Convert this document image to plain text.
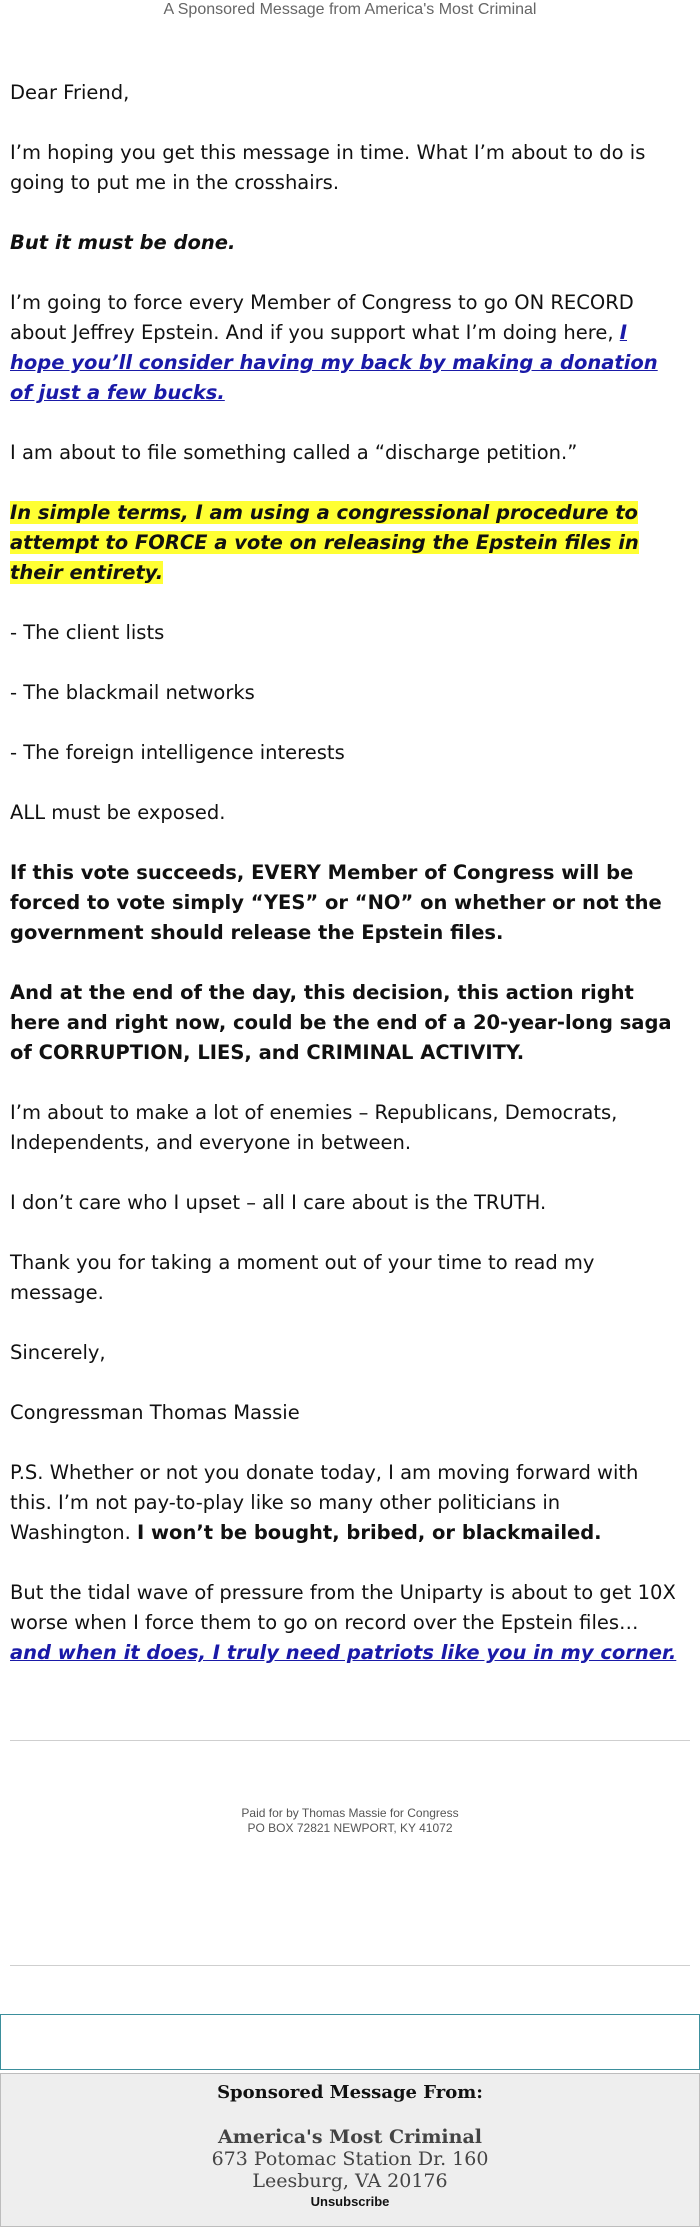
A Sponsored Message from America's Most Criminal

Dear Friend,

I’m hoping you get this message in time. What I’m about to do is going to put me in the crosshairs.

But it must be done.

I’m going to force every Member of Congress to go ON RECORD about Jeffrey Epstein. And if you support what I’m doing here, I hope you’ll consider having my back by making a donation of just a few bucks.

I am about to file something called a “discharge petition.”

In simple terms, I am using a congressional procedure to attempt to FORCE a vote on releasing the Epstein files in their entirety.

- The client lists

- The blackmail networks

- The foreign intelligence interests

ALL must be exposed.

If this vote succeeds, EVERY Member of Congress will be forced to vote simply “YES” or “NO” on whether or not the government should release the Epstein files.

And at the end of the day, this decision, this action right here and right now, could be the end of a 20-year-long saga of CORRUPTION, LIES, and CRIMINAL ACTIVITY.

I’m about to make a lot of enemies – Republicans, Democrats, Independents, and everyone in between.

I don’t care who I upset – all I care about is the TRUTH.

Thank you for taking a moment out of your time to read my message.

Sincerely,

Congressman Thomas Massie

P.S. Whether or not you donate today, I am moving forward with this. I’m not pay-to-play like so many other politicians in Washington. I won’t be bought, bribed, or blackmailed.

But the tidal wave of pressure from the Uniparty is about to get 10X worse when I force them to go on record over the Epstein files… and when it does, I truly need patriots like you in my corner.

Paid for by Thomas Massie for Congress
PO BOX 72821 NEWPORT, KY 41072
Sponsored Message From:
America's Most Criminal
673 Potomac Station Dr. 160
Leesburg, VA 20176
Unsubscribe
